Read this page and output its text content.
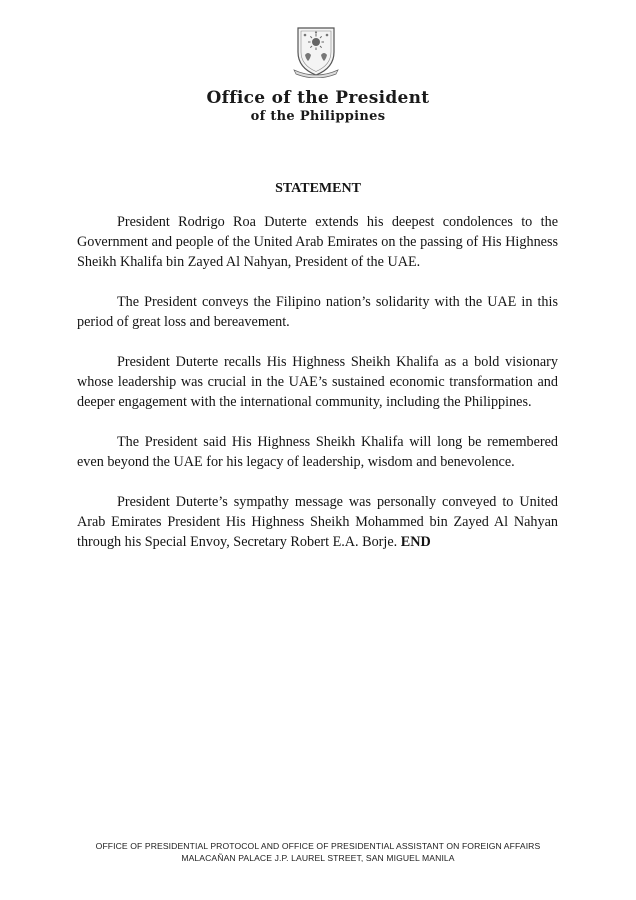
Office of the President
of the Philippines
STATEMENT

President Rodrigo Roa Duterte extends his deepest condolences to the Government and people of the United Arab Emirates on the passing of His Highness Sheikh Khalifa bin Zayed Al Nahyan, President of the UAE.

The President conveys the Filipino nation’s solidarity with the UAE in this period of great loss and bereavement.

President Duterte recalls His Highness Sheikh Khalifa as a bold visionary whose leadership was crucial in the UAE’s sustained economic transformation and deeper engagement with the international community, including the Philippines.

The President said His Highness Sheikh Khalifa will long be remembered even beyond the UAE for his legacy of leadership, wisdom and benevolence.

President Duterte’s sympathy message was personally conveyed to United Arab Emirates President His Highness Sheikh Mohammed bin Zayed Al Nahyan through his Special Envoy, Secretary Robert E.A. Borje. END

OFFICE OF PRESIDENTIAL PROTOCOL AND OFFICE OF PRESIDENTIAL ASSISTANT ON FOREIGN AFFAIRS
MALACAÑAN PALACE J.P. LAUREL STREET, SAN MIGUEL MANILA
